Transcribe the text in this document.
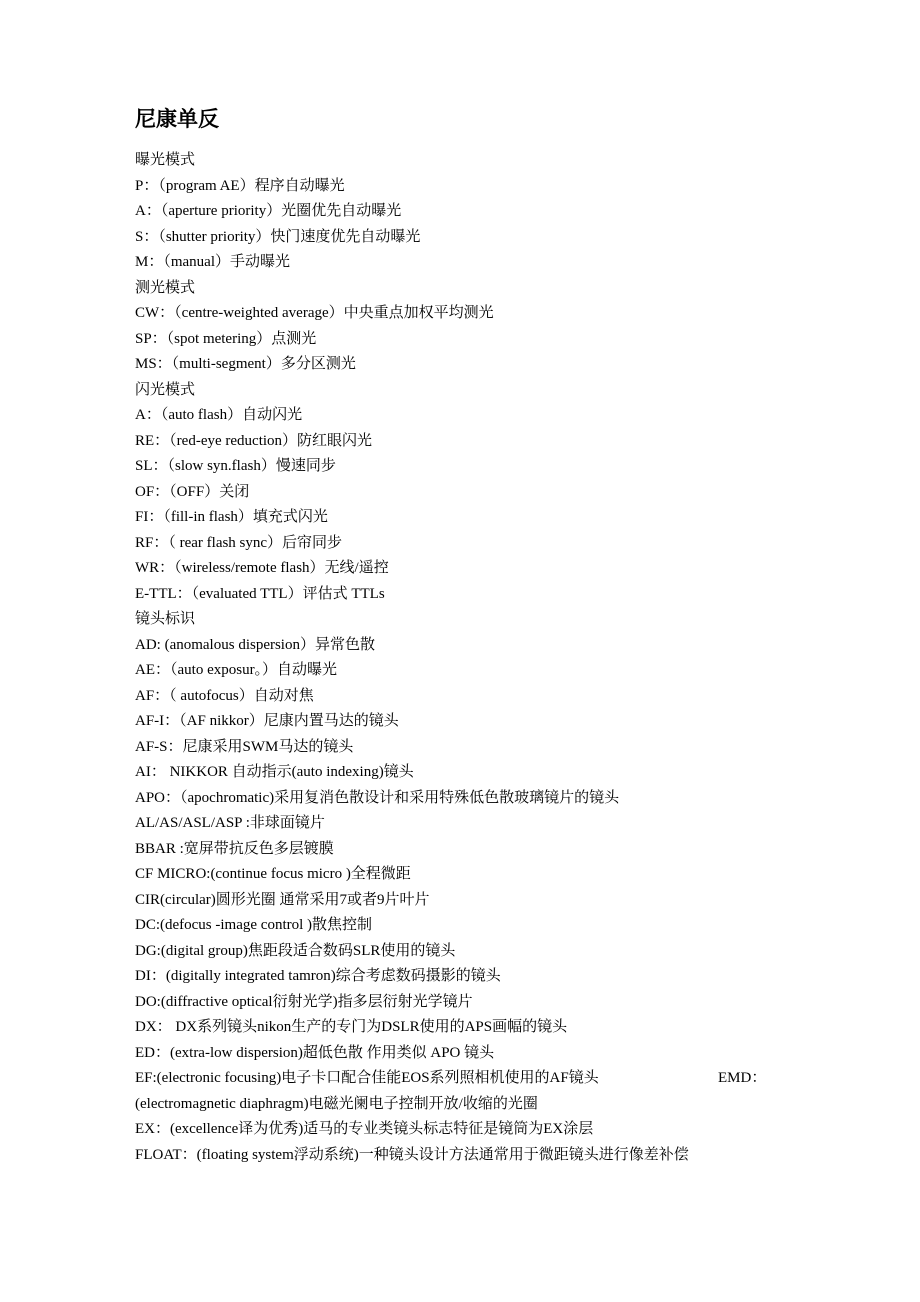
尼康单反
曝光模式
P：（program AE）程序自动曝光
A：（aperture priority）光圈优先自动曝光
S：（shutter priority）快门速度优先自动曝光
M：（manual）手动曝光
测光模式
CW：（centre-weighted average）中央重点加权平均测光
SP：（spot metering）点测光
MS：（multi-segment）多分区测光
闪光模式
A：（auto flash）自动闪光
RE：（red-eye reduction）防红眼闪光
SL：（slow syn.flash）慢速同步
OF：（OFF）关闭
FI：（fill-in flash）填充式闪光
RF：（ rear flash sync）后帘同步
WR：（wireless/remote flash）无线/遥控
E-TTL：（evaluated TTL）评估式 TTLs
镜头标识
AD: (anomalous dispersion）异常色散
AE：（auto exposur。）自动曝光
AF：（ autofocus）自动对焦
AF-I：（AF nikkor）尼康内置马达的镜头
AF-S：尼康采用SWM马达的镜头
AI： NIKKOR 自动指示(auto indexing)镜头
APO：（apochromatic)采用复消色散设计和采用特殊低色散玻璃镜片的镜头
AL/AS/ASL/ASP :非球面镜片
BBAR :宽屏带抗反色多层镀膜
CF MICRO:(continue focus micro )全程微距
CIR(circular)圆形光圈 通常采用7或者9片叶片
DC:(defocus -image control )散焦控制
DG:(digital group)焦距段适合数码SLR使用的镜头
DI：(digitally integrated tamron)综合考虑数码摄影的镜头
DO:(diffractive optical衍射光学)指多层衍射光学镜片
DX： DX系列镜头nikon生产的专门为DSLR使用的APS画幅的镜头
ED：(extra-low dispersion)超低色散 作用类似 APO 镜头
EF:(electronic focusing)电子卡口配合佳能EOS系列照相机使用的AF镜头	EMD：
(electromagnetic diaphragm)电磁光阑电子控制开放/收缩的光圈
EX：(excellence译为优秀)适马的专业类镜头标志特征是镜筒为EX涂层
FLOAT：(floating system浮动系统)一种镜头设计方法通常用于微距镜头进行像差补偿
